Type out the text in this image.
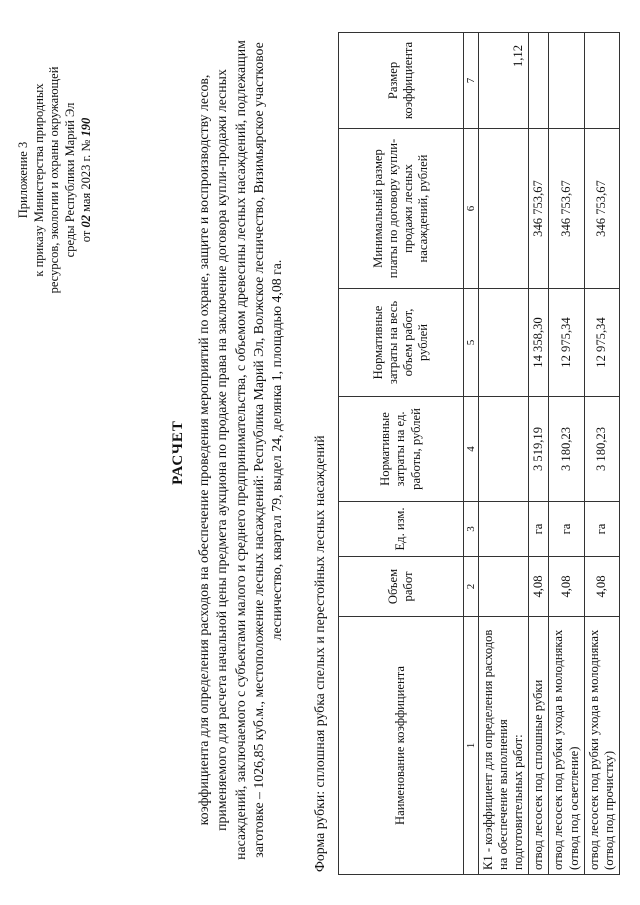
Приложение 3 к приказу Министерства природных ресурсов, экологии и охраны окружающей среды Республики Марий Эл от 02 мая 2023 г. № 190
РАСЧЕТ коэффициента для определения расходов на обеспечение проведения мероприятий по охране, защите и воспроизводству лесов, применяемого для расчета начальной цены предмета аукциона по продаже права на заключение договора купли-продажи лесных насаждений, заключаемого с субъектами малого и среднего предпринимательства, с объемом древесины лесных насаждений, подлежащим заготовке – 1026,85 куб.м., местоположение лесных насаждений: Республика Марий Эл, Волжское лесничество, Визимьярское участковое лесничество, квартал 79, выдел 24, делянка 1, площадью 4,08 га. Форма рубки: сплошная рубка спелых и перестойных лесных насаждений	Наименование коэффициента	Объем работ	Ед. изм.	Нормативные затраты на ед. работы, рублей	Нормативные затраты на весь объем работ, рублей	Минимальный размер платы по договору купли-продажи лесных насаждений, рублей	Размер коэффициента
1	2	3	4	5	6	7
К1 - коэффициент для определения расходов на обеспечение выполнения подготовительных работ:						1,12
отвод лесосек под сплошные рубки	4,08	га	3 519,19	14 358,30	346 753,67	
отвод лесосек под рубки ухода в молодняках (отвод под осветление)	4,08	га	3 180,23	12 975,34	346 753,67	
отвод лесосек под рубки ухода в молодняках (отвод под прочистку)	4,08	га	3 180,23	12 975,34	346 753,67	
